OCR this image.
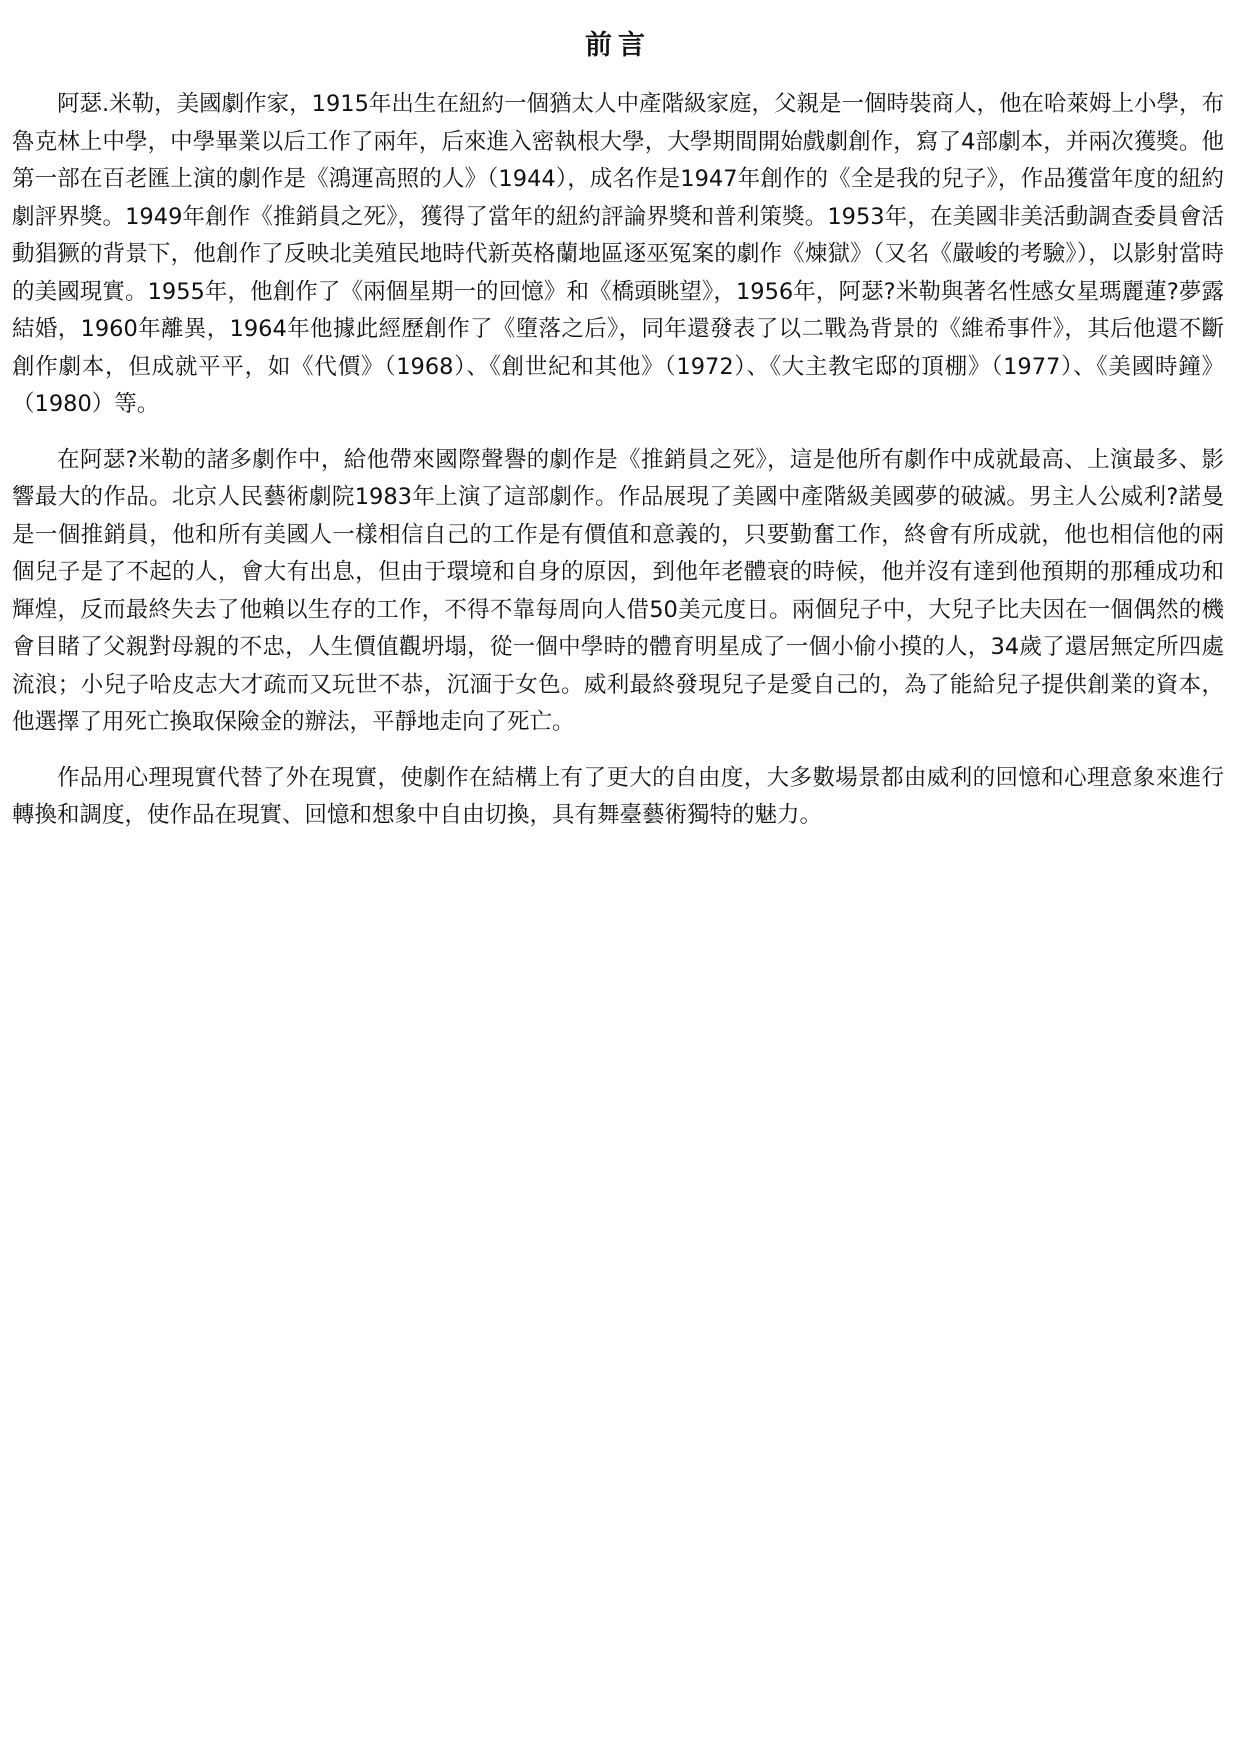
前言

阿瑟.米勒，美國劇作家，1915年出生在紐約一個猶太人中產階級家庭，父親是一個時裝商人，他在哈萊姆上小學，布魯克林上中學，中學畢業以后工作了兩年，后來進入密執根大學，大學期間開始戲劇創作，寫了4部劇本，并兩次獲獎。他第一部在百老匯上演的劇作是《鴻運高照的人》（1944），成名作是1947年創作的《全是我的兒子》，作品獲當年度的紐約劇評界獎。1949年創作《推銷員之死》，獲得了當年的紐約評論界獎和普利策獎。1953年，在美國非美活動調查委員會活動猖獗的背景下，他創作了反映北美殖民地時代新英格蘭地區逐巫冤案的劇作《煉獄》（又名《嚴峻的考驗》），以影射當時的美國現實。1955年，他創作了《兩個星期一的回憶》和《橋頭眺望》，1956年，阿瑟?米勒與著名性感女星瑪麗蓮?夢露結婚，1960年離異，1964年他據此經歷創作了《墮落之后》，同年還發表了以二戰為背景的《維希事件》，其后他還不斷創作劇本，但成就平平，如《代價》（1968）、《創世紀和其他》（1972）、《大主教宅邸的頂棚》（1977）、《美國時鐘》（1980）等。

在阿瑟?米勒的諸多劇作中，給他帶來國際聲譽的劇作是《推銷員之死》，這是他所有劇作中成就最高、上演最多、影響最大的作品。北京人民藝術劇院1983年上演了這部劇作。作品展現了美國中產階級美國夢的破滅。男主人公威利?諾曼是一個推銷員，他和所有美國人一樣相信自己的工作是有價值和意義的，只要勤奮工作，終會有所成就，他也相信他的兩個兒子是了不起的人，會大有出息，但由于環境和自身的原因，到他年老體衰的時候，他并沒有達到他預期的那種成功和輝煌，反而最終失去了他賴以生存的工作，不得不靠每周向人借50美元度日。兩個兒子中，大兒子比夫因在一個偶然的機會目睹了父親對母親的不忠，人生價值觀坍塌，從一個中學時的體育明星成了一個小偷小摸的人，34歲了還居無定所四處流浪；小兒子哈皮志大才疏而又玩世不恭，沉湎于女色。威利最終發現兒子是愛自己的，為了能給兒子提供創業的資本，他選擇了用死亡換取保險金的辦法，平靜地走向了死亡。

作品用心理現實代替了外在現實，使劇作在結構上有了更大的自由度，大多數場景都由威利的回憶和心理意象來進行轉換和調度，使作品在現實、回憶和想象中自由切換，具有舞臺藝術獨特的魅力。
